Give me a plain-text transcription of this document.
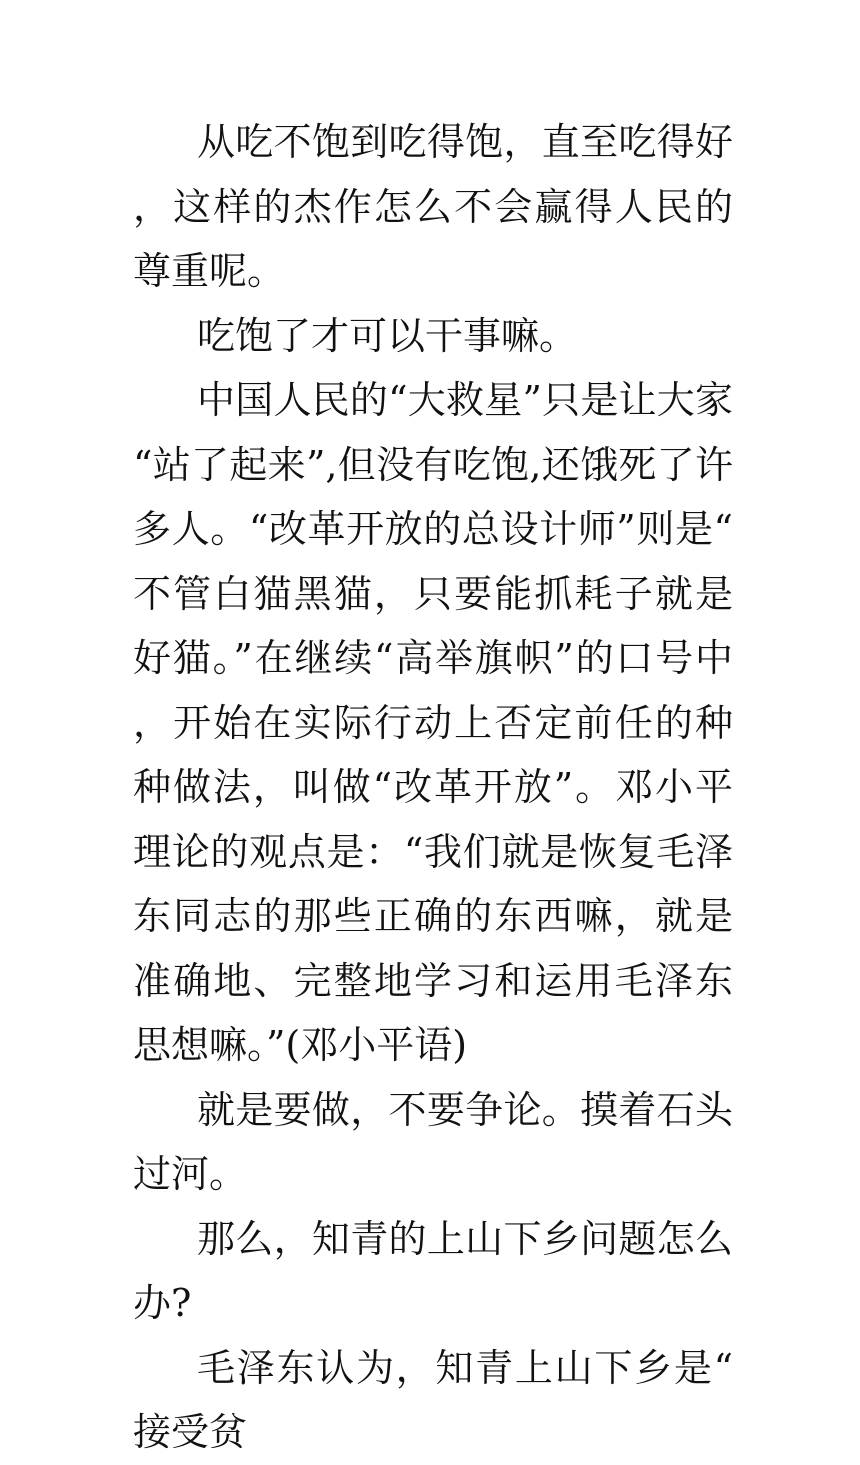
从吃不饱到吃得饱，直至吃得好，这样的杰作怎么不会赢得人民的尊重呢。

吃饱了才可以干事嘛。

中国人民的“大救星”只是让大家“站了起来”,但没有吃饱,还饿死了许多人。“改革开放的总设计师”则是“不管白猫黑猫，只要能抓耗子就是好猫。”在继续“高举旗帜”的口号中，开始在实际行动上否定前任的种种做法，叫做“改革开放”。邓小平理论的观点是：“我们就是恢复毛泽东同志的那些正确的东西嘛，就是准确地、完整地学习和运用毛泽东思想嘛。”(邓小平语)

就是要做，不要争论。摸着石头过河。

那么，知青的上山下乡问题怎么办?

毛泽东认为，知青上山下乡是“接受贫
